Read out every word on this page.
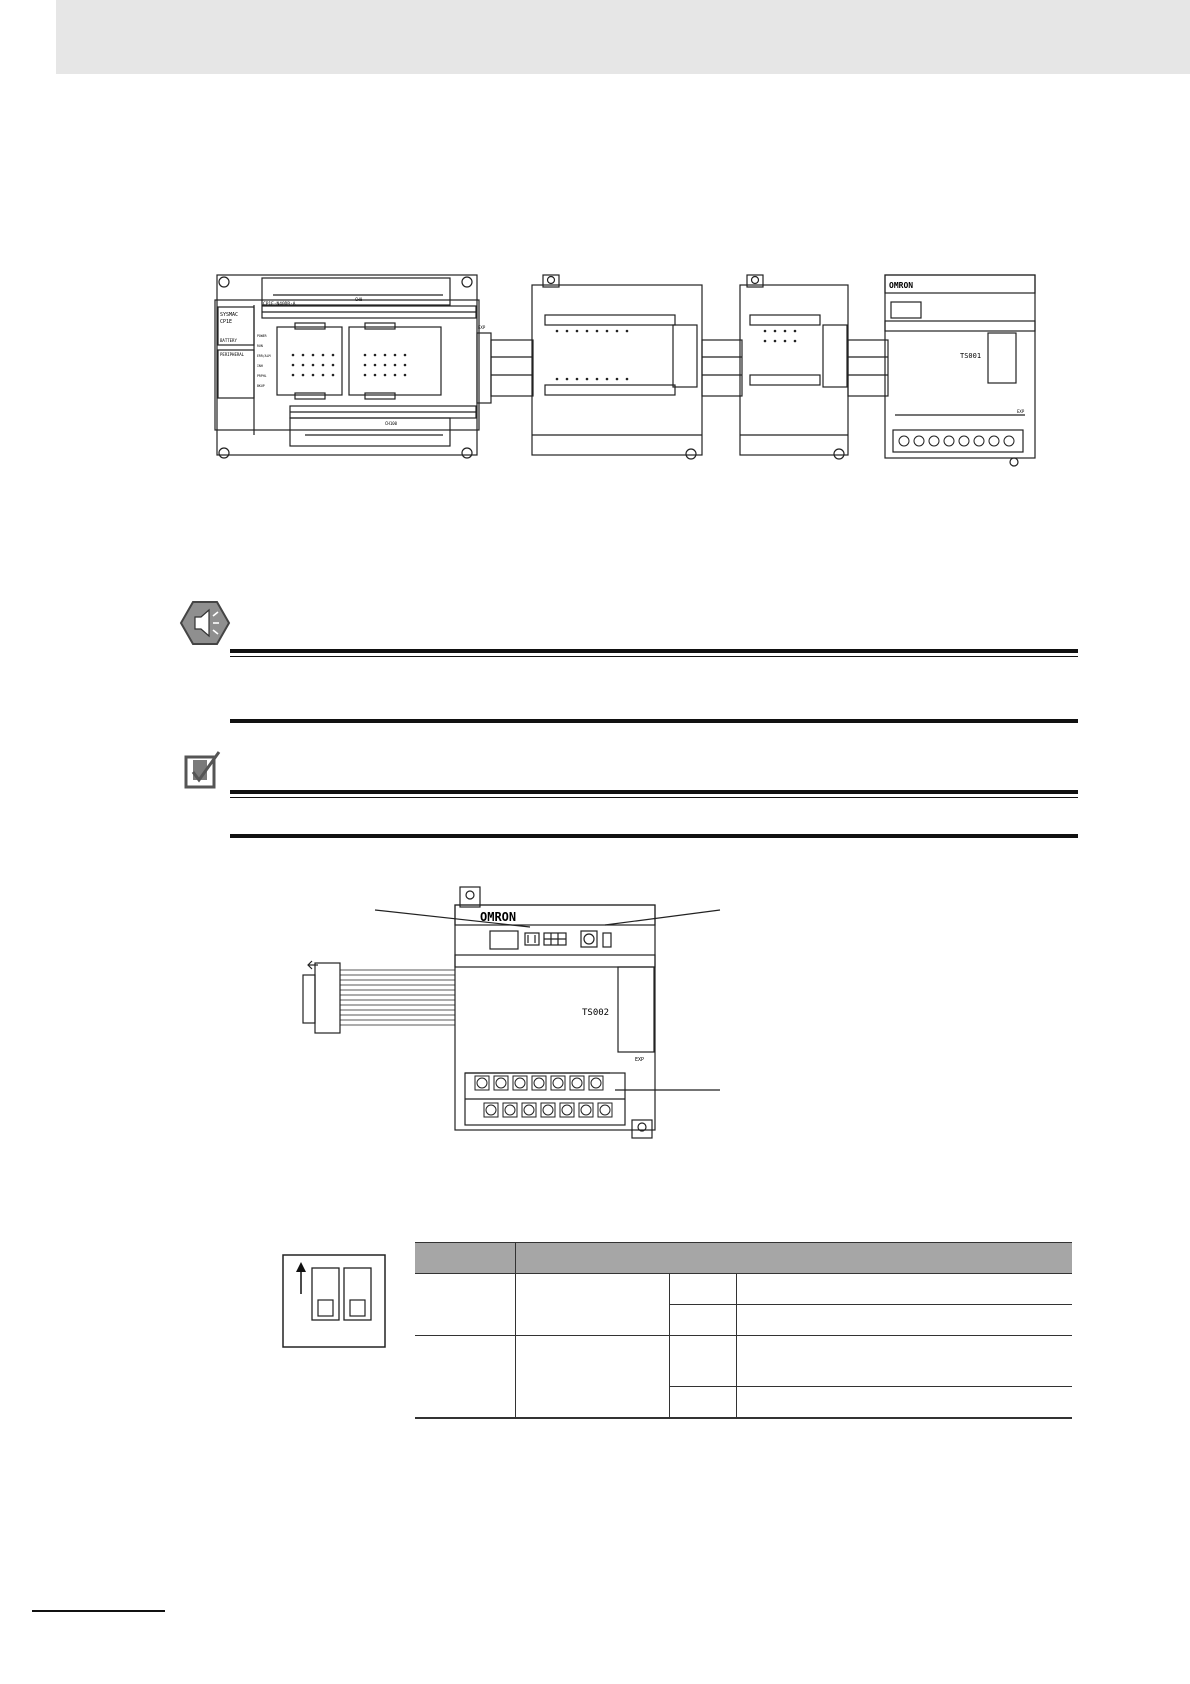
SYSMAC
CP1E
BATTERY
PERIPHERAL
CP1E-N40DR-A
CH0
CH100
POWER
RUN
ERR/ALM
INH
PRPHL
BKUP
EXP
OMRON
TS001
EXP
OMRON
TS002
EXP
